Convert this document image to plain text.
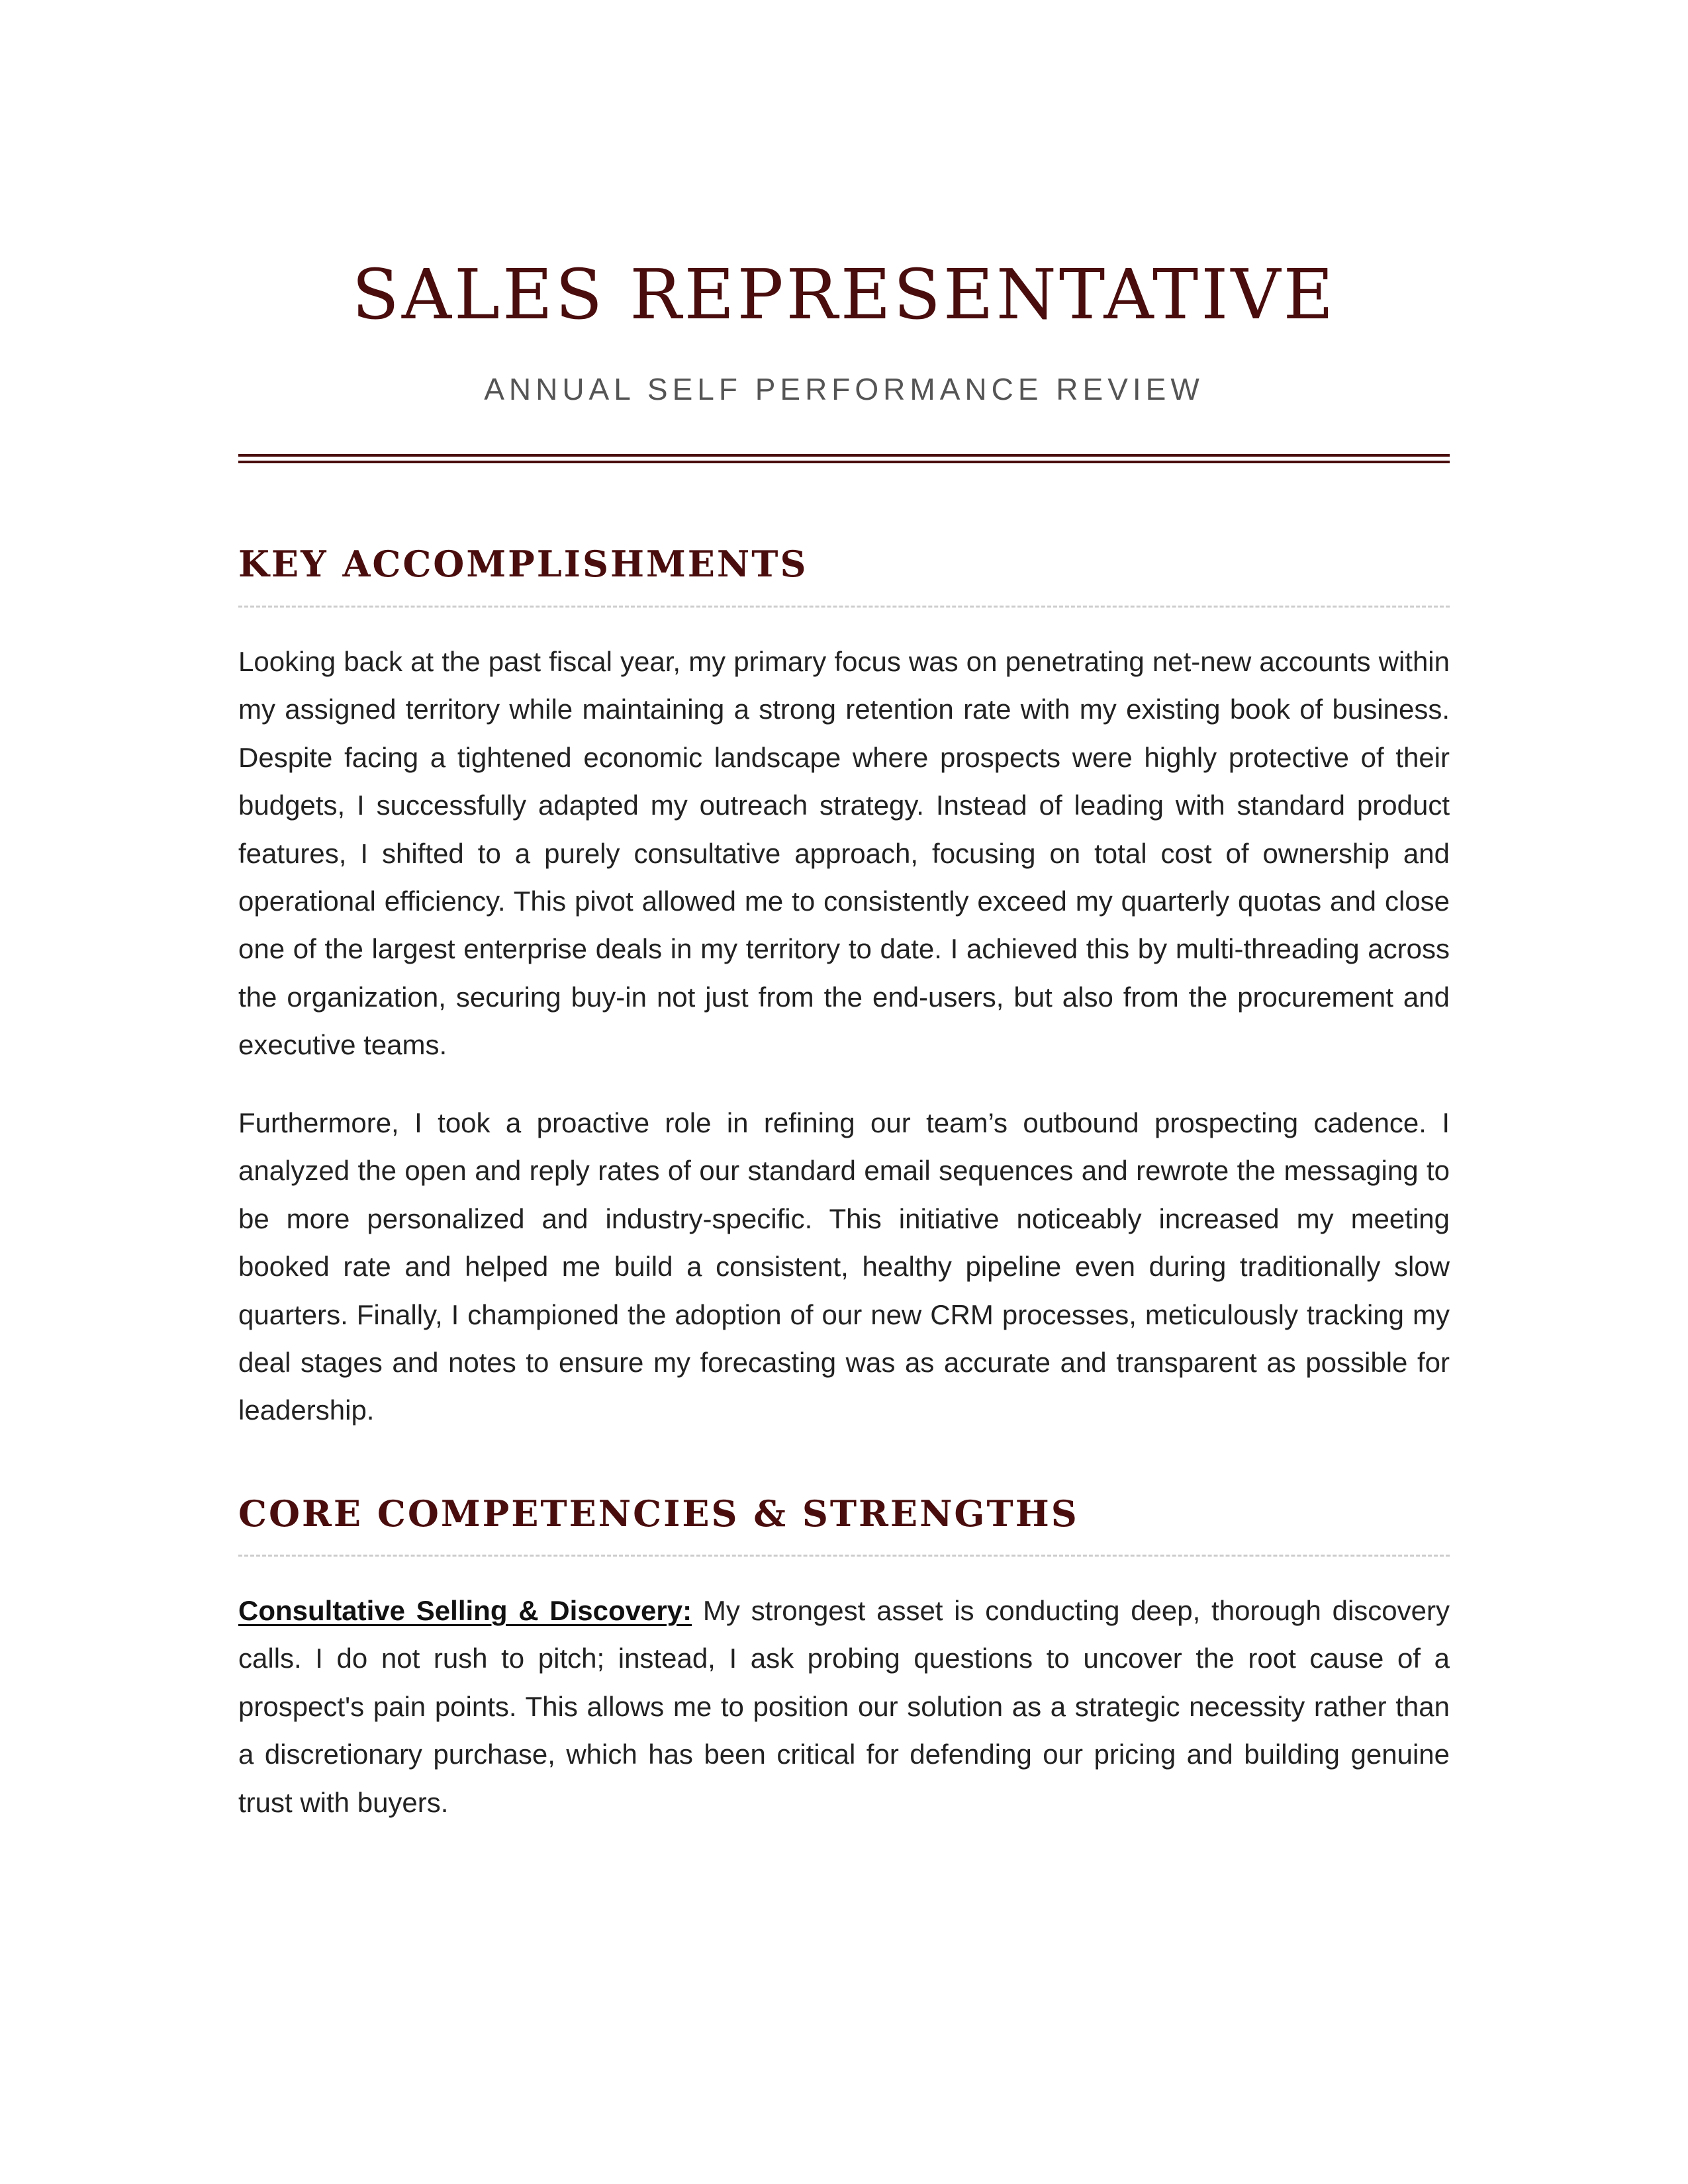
SALES REPRESENTATIVE
ANNUAL SELF PERFORMANCE REVIEW
KEY ACCOMPLISHMENTS

Looking back at the past fiscal year, my primary focus was on penetrating net-new accounts within my assigned territory while maintaining a strong retention rate with my existing book of business. Despite facing a tightened economic landscape where prospects were highly protective of their budgets, I successfully adapted my outreach strategy. Instead of leading with standard product features, I shifted to a purely consultative approach, focusing on total cost of ownership and operational efficiency. This pivot allowed me to consistently exceed my quarterly quotas and close one of the largest enterprise deals in my territory to date. I achieved this by multi-threading across the organization, securing buy-in not just from the end-users, but also from the procurement and executive teams.

Furthermore, I took a proactive role in refining our team’s outbound prospecting cadence. I analyzed the open and reply rates of our standard email sequences and rewrote the messaging to be more personalized and industry-specific. This initiative noticeably increased my meeting booked rate and helped me build a consistent, healthy pipeline even during traditionally slow quarters. Finally, I championed the adoption of our new CRM processes, meticulously tracking my deal stages and notes to ensure my forecasting was as accurate and transparent as possible for leadership.

CORE COMPETENCIES & STRENGTHS

Consultative Selling & Discovery: My strongest asset is conducting deep, thorough discovery calls. I do not rush to pitch; instead, I ask probing questions to uncover the root cause of a prospect's pain points. This allows me to position our solution as a strategic necessity rather than a discretionary purchase, which has been critical for defending our pricing and building genuine trust with buyers.
